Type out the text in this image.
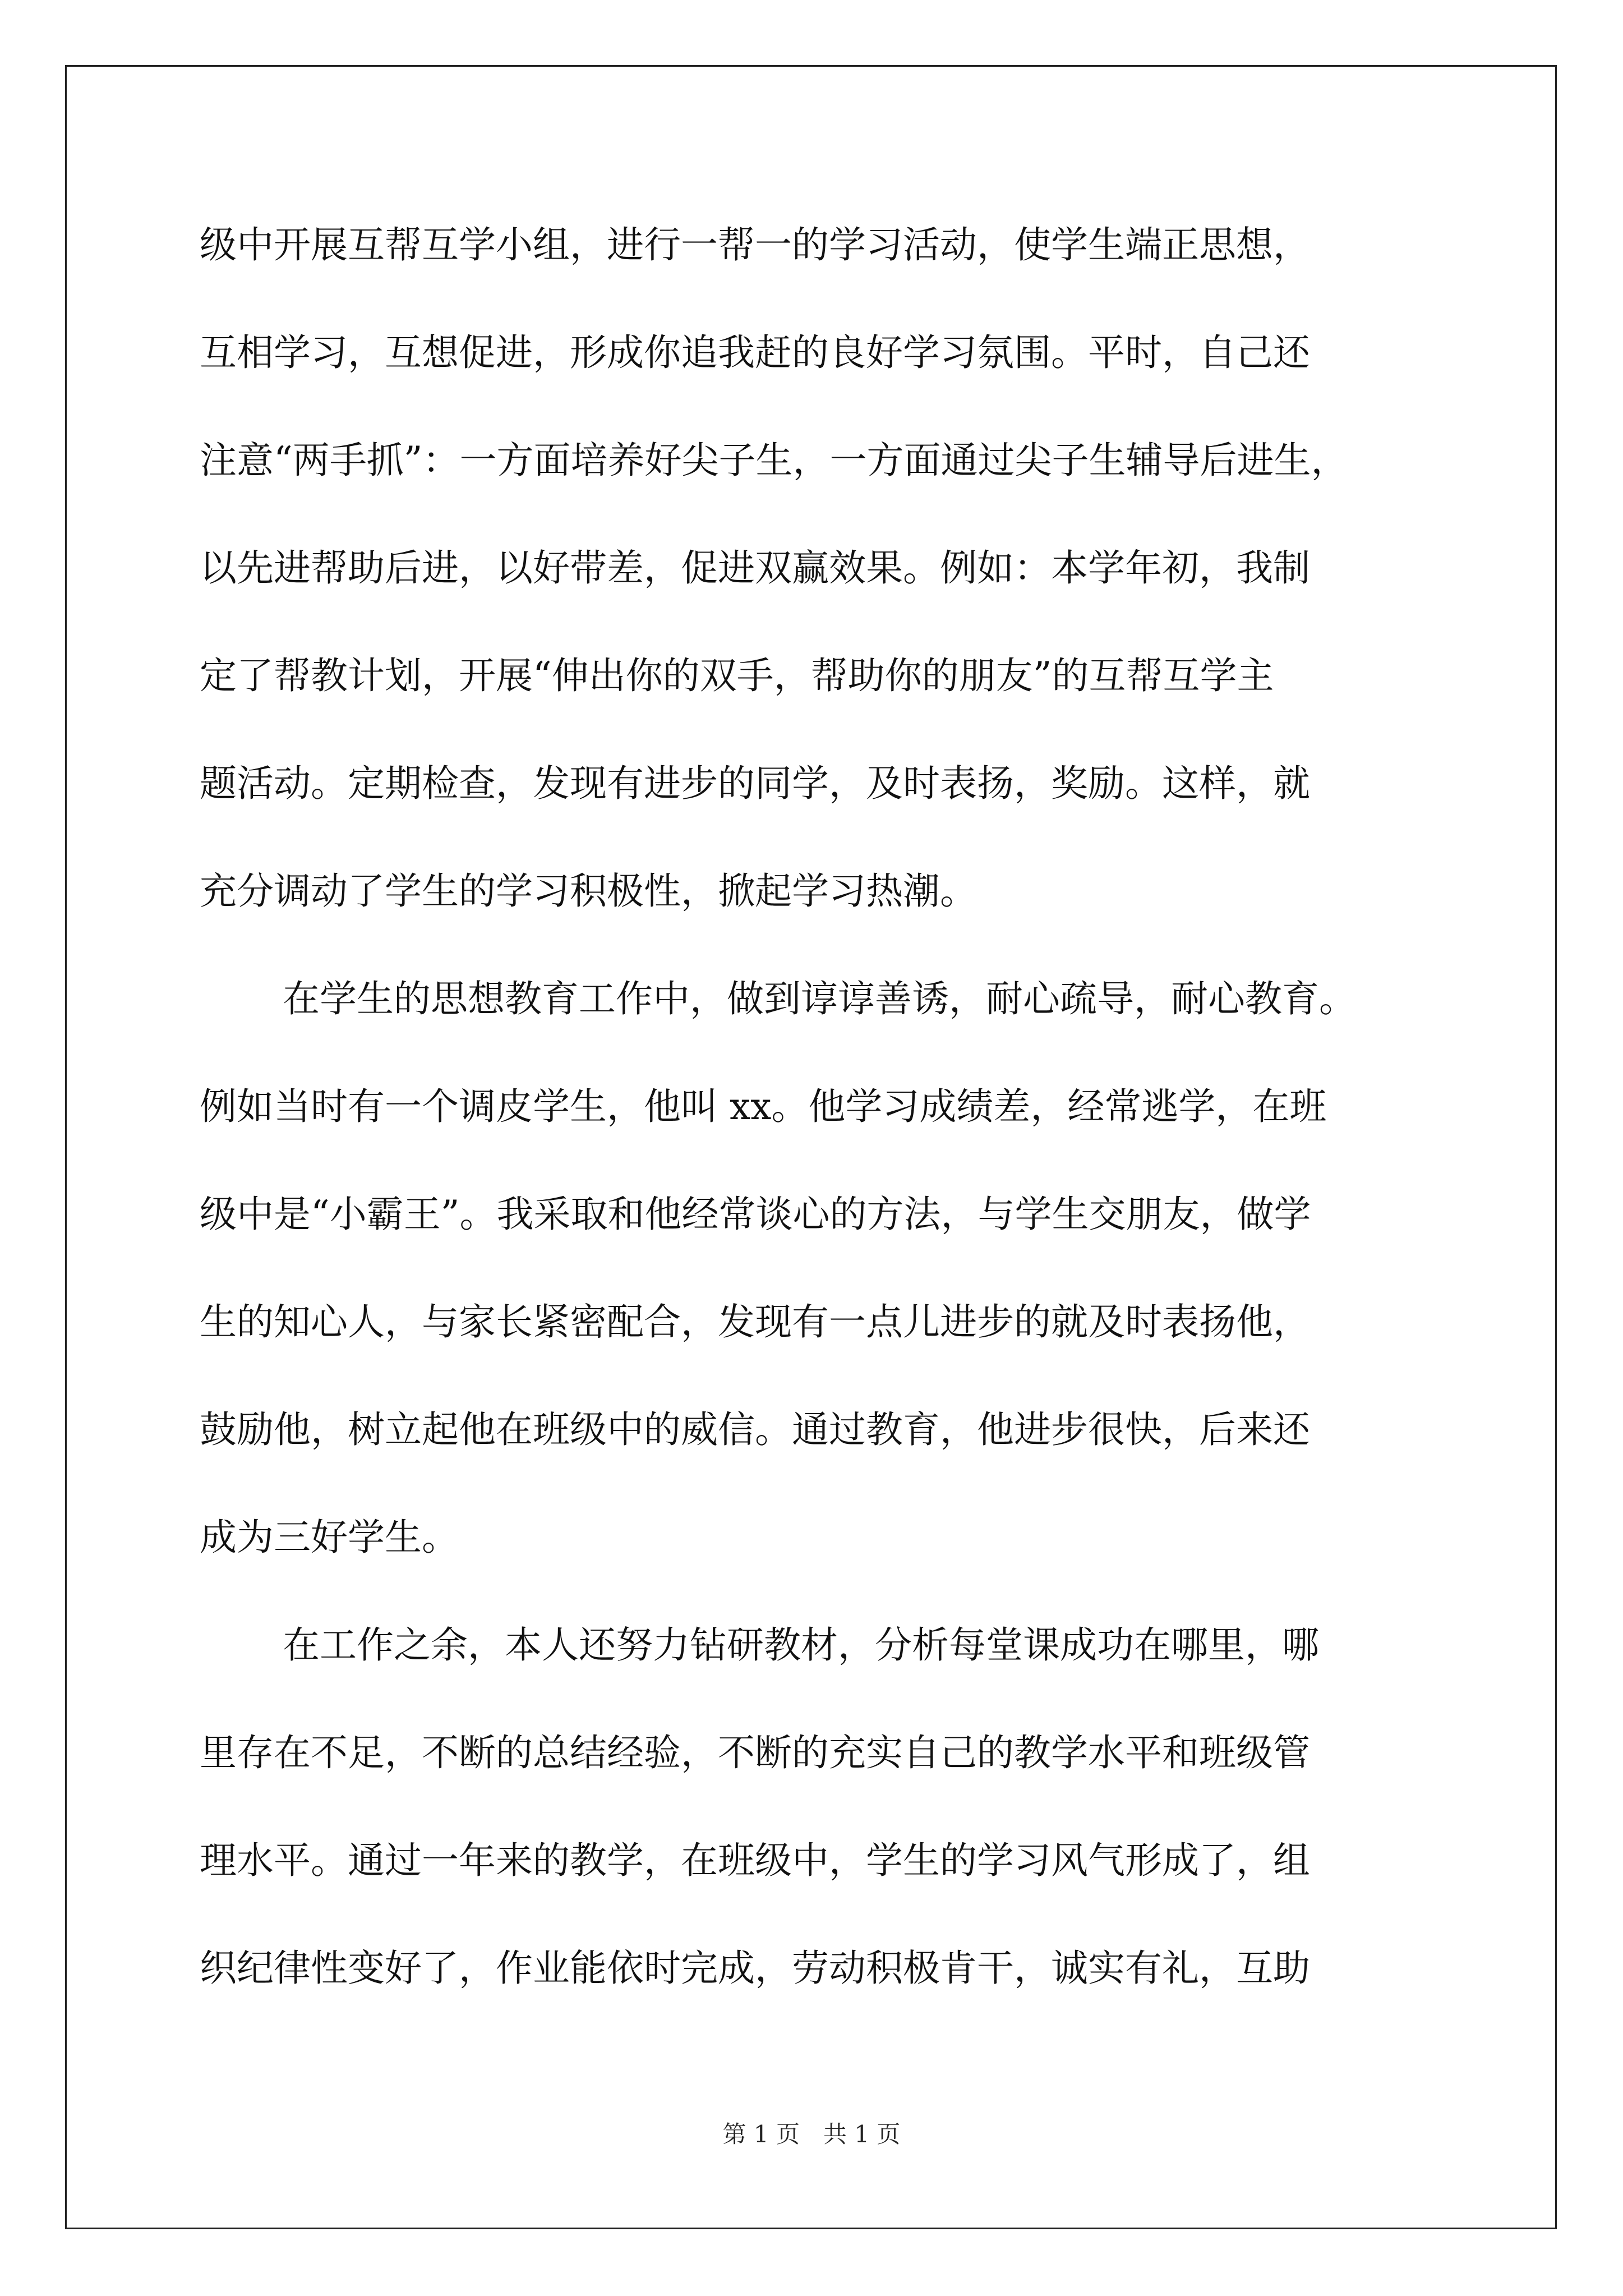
级中开展互帮互学小组，进行一帮一的学习活动，使学生端正思想，
互相学习，互想促进，形成你追我赶的良好学习氛围。平时，自己还
注意“两手抓”：一方面培养好尖子生，一方面通过尖子生辅导后进生，
以先进帮助后进，以好带差，促进双赢效果。例如：本学年初，我制
定了帮教计划，开展“伸出你的双手，帮助你的朋友”的互帮互学主
题活动。定期检查，发现有进步的同学，及时表扬，奖励。这样，就
充分调动了学生的学习积极性，掀起学习热潮。
在学生的思想教育工作中，做到谆谆善诱，耐心疏导，耐心教育。
例如当时有一个调皮学生，他叫 xx。他学习成绩差，经常逃学，在班
级中是“小霸王”。我采取和他经常谈心的方法，与学生交朋友，做学
生的知心人，与家长紧密配合，发现有一点儿进步的就及时表扬他，
鼓励他，树立起他在班级中的威信。通过教育，他进步很快，后来还
成为三好学生。
在工作之余，本人还努力钻研教材，分析每堂课成功在哪里，哪
里存在不足，不断的总结经验，不断的充实自己的教学水平和班级管
理水平。通过一年来的教学，在班级中，学生的学习风气形成了，组
织纪律性变好了，作业能依时完成，劳动积极肯干，诚实有礼，互助
第 1 页　共 1 页
